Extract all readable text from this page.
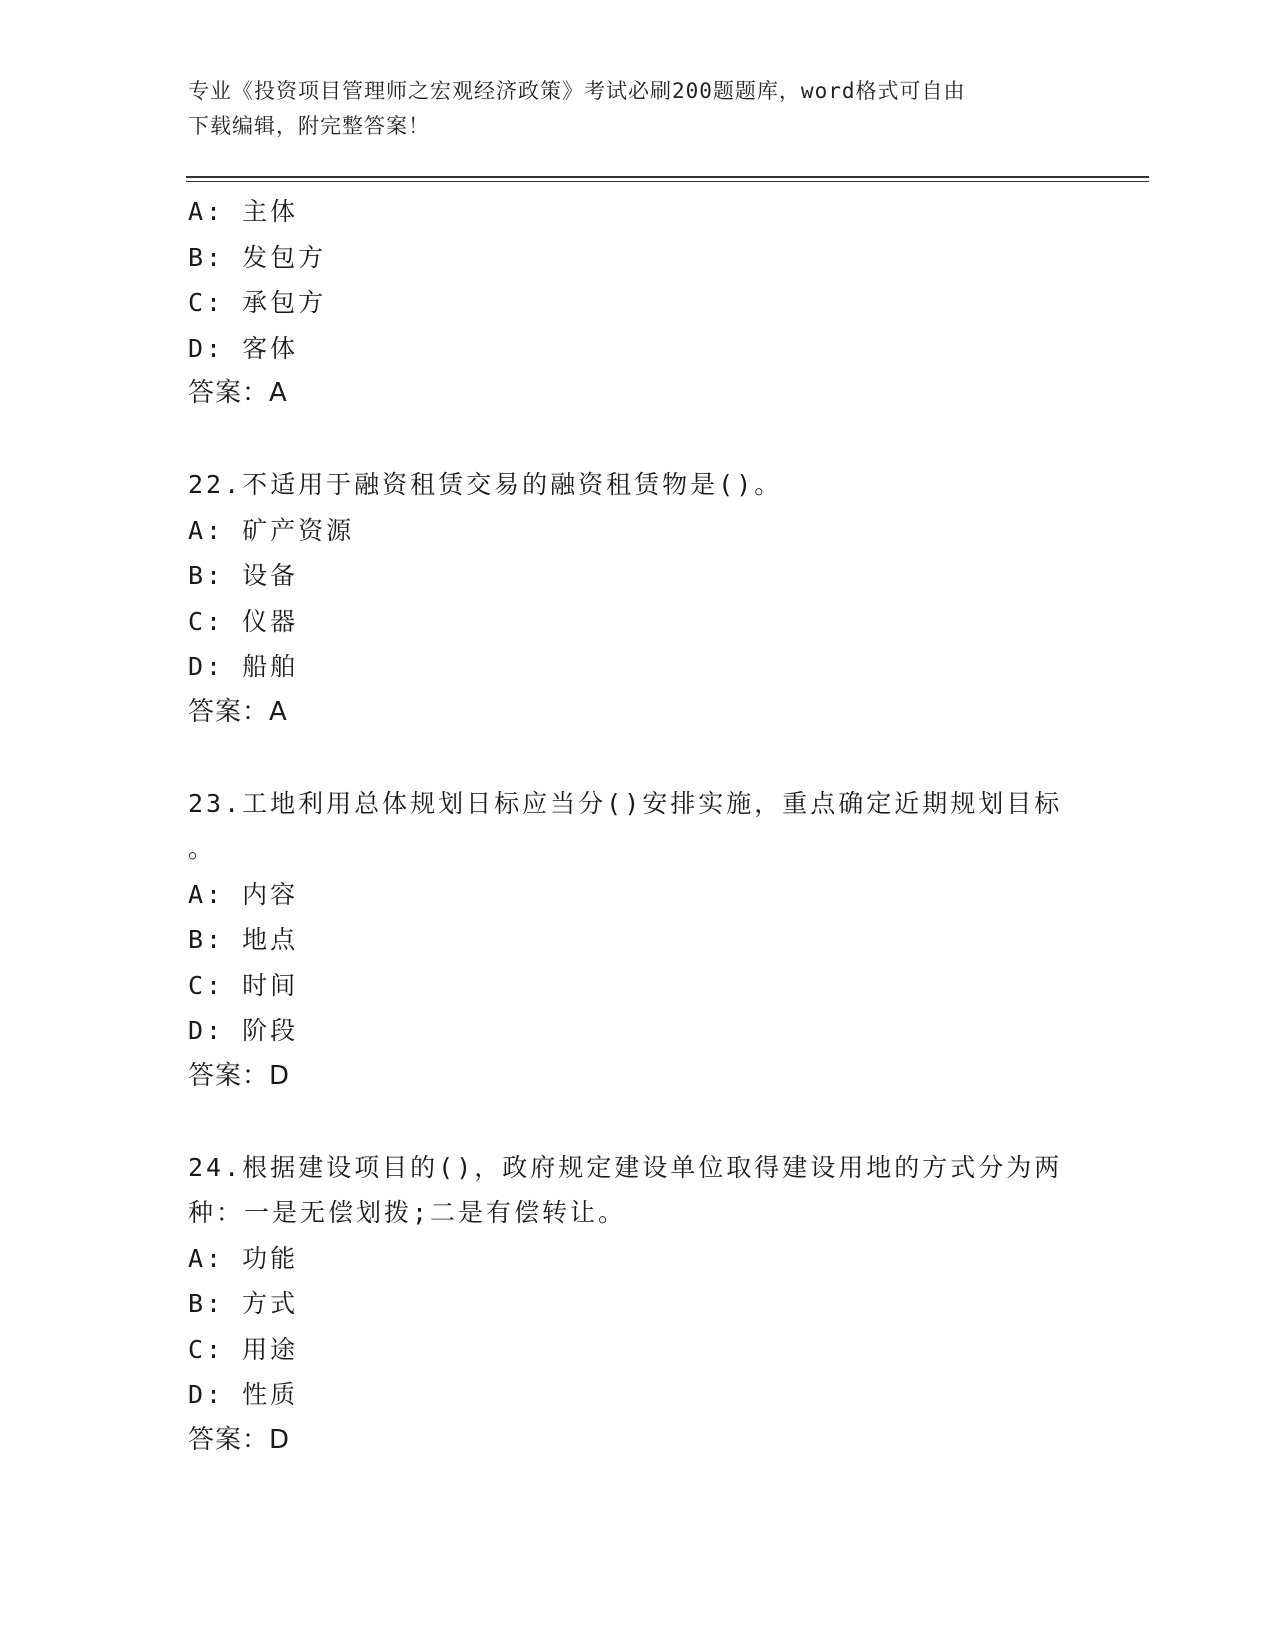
专业《投资项目管理师之宏观经济政策》考试必刷200题题库，word格式可自由
下载编辑，附完整答案！
A: 主体
B: 发包方
C: 承包方
D: 客体
答案：A
22.不适用于融资租赁交易的融资租赁物是()。
A: 矿产资源
B: 设备
C: 仪器
D: 船舶
答案：A
23.工地利用总体规划日标应当分()安排实施，重点确定近期规划目标
。
A: 内容
B: 地点
C: 时间
D: 阶段
答案：D
24.根据建设项目的()，政府规定建设单位取得建设用地的方式分为两
种：一是无偿划拨;二是有偿转让。
A: 功能
B: 方式
C: 用途
D: 性质
答案：D
